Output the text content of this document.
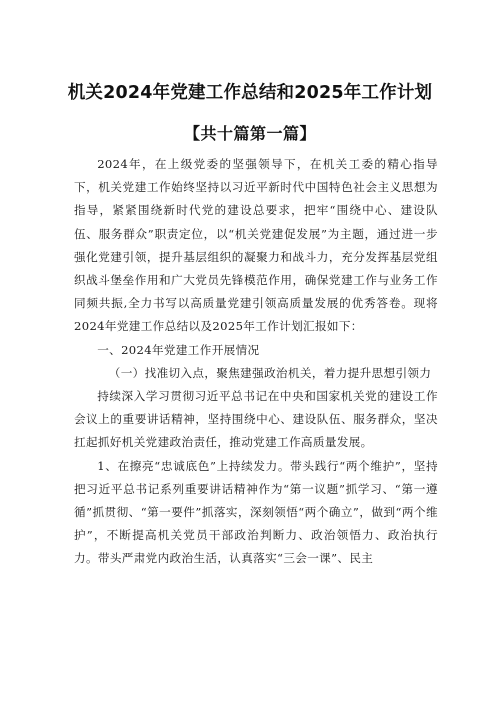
机关2024年党建工作总结和2025年工作计划
【共十篇第一篇】

2024年，在上级党委的坚强领导下，在机关工委的精心指导下，机关党建工作始终坚持以习近平新时代中国特色社会主义思想为指导，紧紧围绕新时代党的建设总要求，把牢“围绕中心、建设队伍、服务群众”职责定位，以“机关党建促发展”为主题，通过进一步强化党建引领，提升基层组织的凝聚力和战斗力，充分发挥基层党组织战斗堡垒作用和广大党员先锋模范作用，确保党建工作与业务工作同频共振,全力书写以高质量党建引领高质量发展的优秀答卷。现将2024年党建工作总结以及2025年工作计划汇报如下：

一、2024年党建工作开展情况

（一）找准切入点，聚焦建强政治机关，着力提升思想引领力

持续深入学习贯彻习近平总书记在中央和国家机关党的建设工作会议上的重要讲话精神，坚持围绕中心、建设队伍、服务群众，坚决扛起抓好机关党建政治责任，推动党建工作高质量发展。

1、在擦亮“忠诚底色”上持续发力。带头践行“两个维护”，坚持把习近平总书记系列重要讲话精神作为“第一议题”抓学习、“第一遵循”抓贯彻、“第一要件”抓落实，深刻领悟“两个确立”，做到“两个维护”，不断提高机关党员干部政治判断力、政治领悟力、政治执行力。带头严肃党内政治生活，认真落实“三会一课”、民主
